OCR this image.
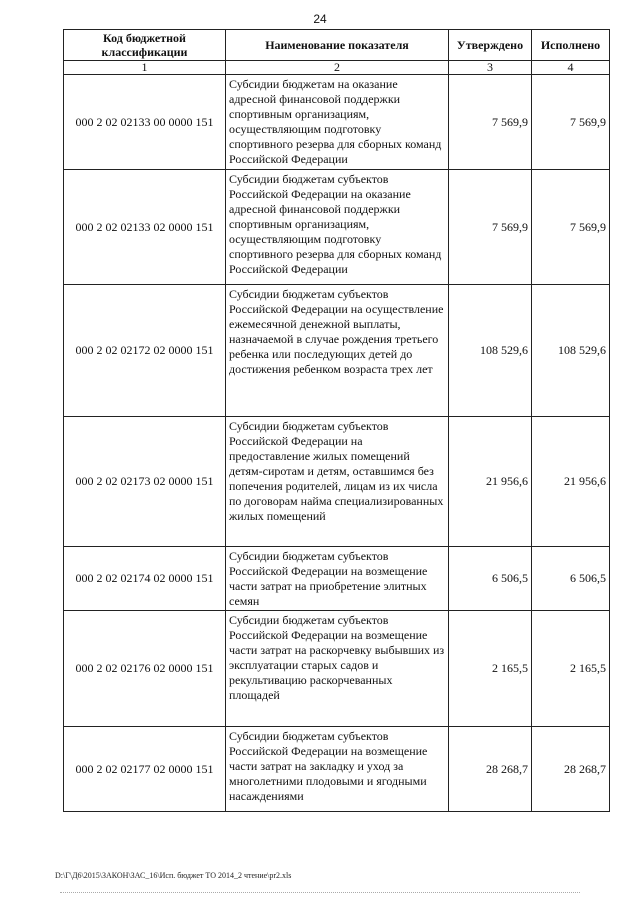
24
Код бюджетной классификации	Наименование показателя	Утверждено	Исполнено
1	2	3	4
000 2 02 02133 00 0000 151	Субсидии бюджетам на оказание адресной финансовой поддержки спортивным организациям, осуществляющим подготовку спортивного резерва для сборных команд Российской Федерации	7 569,9	7 569,9
000 2 02 02133 02 0000 151	Субсидии бюджетам субъектов Российской Федерации на оказание адресной финансовой поддержки спортивным организациям, осуществляющим подготовку спортивного резерва для сборных команд Российской Федерации	7 569,9	7 569,9
000 2 02 02172 02 0000 151	Субсидии бюджетам субъектов Российской Федерации на осуществление ежемесячной денежной выплаты, назначаемой в случае рождения третьего ребенка или последующих детей до достижения ребенком возраста трех лет	108 529,6	108 529,6
000 2 02 02173 02 0000 151	Субсидии бюджетам субъектов Российской Федерации на предоставление жилых помещений детям-сиротам и детям, оставшимся без попечения родителей, лицам из их числа по договорам найма специализированных жилых помещений	21 956,6	21 956,6
000 2 02 02174 02 0000 151	Субсидии бюджетам субъектов Российской Федерации на возмещение части затрат на приобретение элитных семян	6 506,5	6 506,5
000 2 02 02176 02 0000 151	Субсидии бюджетам субъектов Российской Федерации на возмещение части затрат на раскорчевку выбывших из эксплуатации старых садов и рекультивацию раскорчеванных площадей	2 165,5	2 165,5
000 2 02 02177 02 0000 151	Субсидии бюджетам субъектов Российской Федерации на возмещение части затрат на закладку и уход за многолетними плодовыми и ягодными насаждениями	28 268,7	28 268,7
D:\Г\Д6\2015\ЗАКОН\ЗАС_16\Исп. бюджет ТО 2014_2 чтение\pr2.xls
